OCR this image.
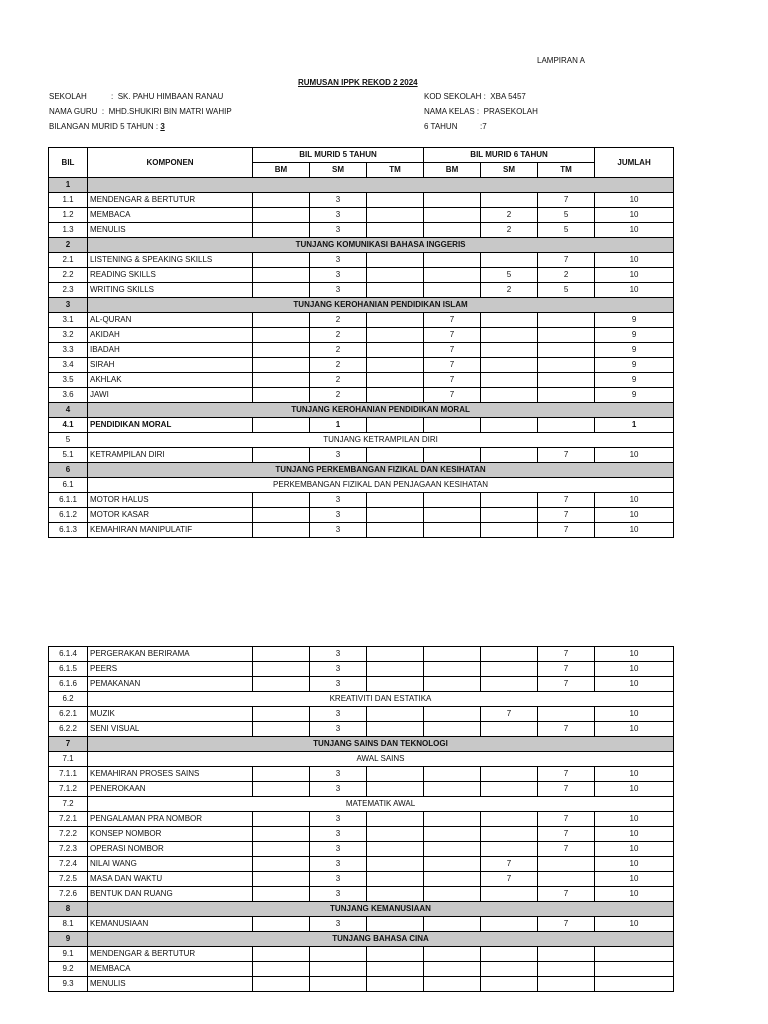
LAMPIRAN A
RUMUSAN IPPK REKOD 2 2024
SEKOLAH	: SK. PAHU HIMBAAN RANAU
NAMA GURU : MHD.SHUKIRI BIN MATRI WAHIP
BILANGAN MURID 5 TAHUN : 3
KOD SEKOLAH : XBA 5457
NAMA KELAS : PRASEKOLAH
6 TAHUN	:7
BIL	KOMPONEN	BIL MURID 5 TAHUN			BIL MURID 6 TAHUN			JUMLAH
		BM	SM	TM	BM	SM	TM	
1								
1.1	MENDENGAR & BERTUTUR		3				7	10
1.2	MEMBACA		3			2	5	10
1.3	MENULIS		3			2	5	10
2	TUNJANG KOMUNIKASI BAHASA INGGERIS							
2.1	LISTENING & SPEAKING SKILLS		3				7	10
2.2	READING SKILLS		3			5	2	10
2.3	WRITING SKILLS		3			2	5	10
3	TUNJANG KEROHANIAN PENDIDIKAN ISLAM							
3.1	AL-QURAN		2		7			9
3.2	AKIDAH		2		7			9
3.3	IBADAH		2		7			9
3.4	SIRAH		2		7			9
3.5	AKHLAK		2		7			9
3.6	JAWI		2		7			9
4	TUNJANG KEROHANIAN PENDIDIKAN MORAL							
4.1	PENDIDIKAN MORAL		1					1
5	TUNJANG KETRAMPILAN DIRI							
5.1	KETRAMPILAN DIRI		3				7	10
6	TUNJANG PERKEMBANGAN FIZIKAL DAN KESIHATAN							
6.1	PERKEMBANGAN FIZIKAL DAN PENJAGAAN KESIHATAN							
6.1.1	MOTOR HALUS		3				7	10
6.1.2	MOTOR KASAR		3				7	10
6.1.3	KEMAHIRAN MANIPULATIF		3				7	10
6.1.4	PERGERAKAN BERIRAMA		3				7	10
6.1.5	PEERS		3				7	10
6.1.6	PEMAKANAN		3				7	10
6.2	KREATIVITI DAN ESTATIKA							
6.2.1	MUZIK		3			7		10
6.2.2	SENI VISUAL		3				7	10
7	TUNJANG SAINS DAN TEKNOLOGI							
7.1	AWAL SAINS							
7.1.1	KEMAHIRAN PROSES SAINS		3				7	10
7.1.2	PENEROKAAN		3				7	10
7.2	MATEMATIK AWAL							
7.2.1	PENGALAMAN PRA NOMBOR		3				7	10
7.2.2	KONSEP NOMBOR		3				7	10
7.2.3	OPERASI NOMBOR		3				7	10
7.2.4	NILAI WANG		3			7		10
7.2.5	MASA DAN WAKTU		3			7		10
7.2.6	BENTUK DAN RUANG		3				7	10
8	TUNJANG KEMANUSIAAN							
8.1	KEMANUSIAAN		3				7	10
9	TUNJANG BAHASA CINA							
9.1	MENDENGAR & BERTUTUR							
9.2	MEMBACA							
9.3	MENULIS							
